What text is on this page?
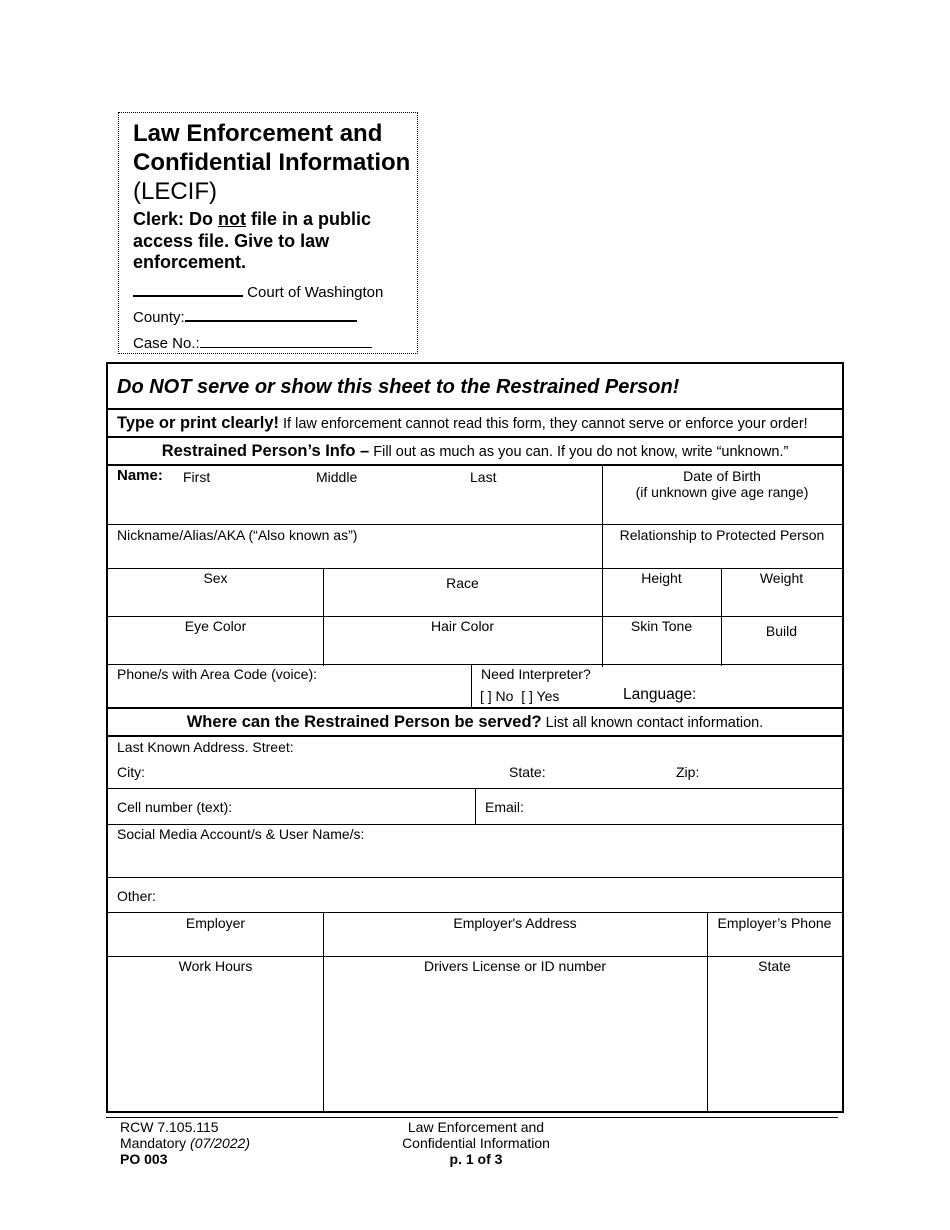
Law Enforcement and Confidential Information (LECIF)
Clerk: Do not file in a public access file. Give to law enforcement.
Court of Washington
County:
Case No.:
Do NOT serve or show this sheet to the Restrained Person!
Type or print clearly! If law enforcement cannot read this form, they cannot serve or enforce your order!
Restrained Person’s Info – Fill out as much as you can. If you do not know, write “unknown.”
Name: First	Middle	Last	Date of Birth
(if unknown give age range)
Nickname/Alias/AKA (“Also known as”)	Relationship to Protected Person
Sex	Race	Height	Weight
Eye Color	Hair Color	Skin Tone	Build
Phone/s with Area Code (voice):	Need Interpreter?
[ ] No  [ ] Yes	Language:
Where can the Restrained Person be served? List all known contact information.
Last Known Address. Street:
City:	State:	Zip:
Cell number (text):	Email:
Social Media Account/s & User Name/s:
Other:
Employer	Employer's Address	Employer’s Phone
Work Hours	Drivers License or ID number	State
RCW 7.105.115
Mandatory (07/2022)
PO 003
Law Enforcement and
Confidential Information
p. 1 of 3
